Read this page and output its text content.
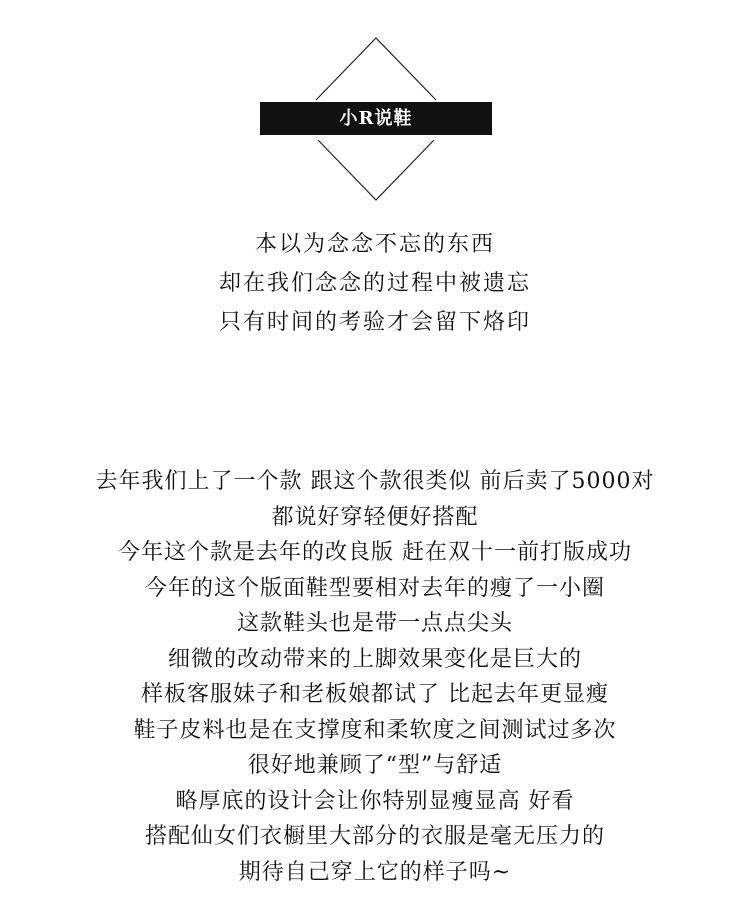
小R说鞋
本以为念念不忘的东西
却在我们念念的过程中被遗忘
只有时间的考验才会留下烙印
去年我们上了一个款 跟这个款很类似 前后卖了5000对
都说好穿轻便好搭配
今年这个款是去年的改良版 赶在双十一前打版成功
今年的这个版面鞋型要相对去年的瘦了一小圈
这款鞋头也是带一点点尖头
细微的改动带来的上脚效果变化是巨大的
样板客服妹子和老板娘都试了 比起去年更显瘦
鞋子皮料也是在支撑度和柔软度之间测试过多次
很好地兼顾了“型”与舒适
略厚底的设计会让你特别显瘦显高 好看
搭配仙女们衣橱里大部分的衣服是毫无压力的
期待自己穿上它的样子吗~
